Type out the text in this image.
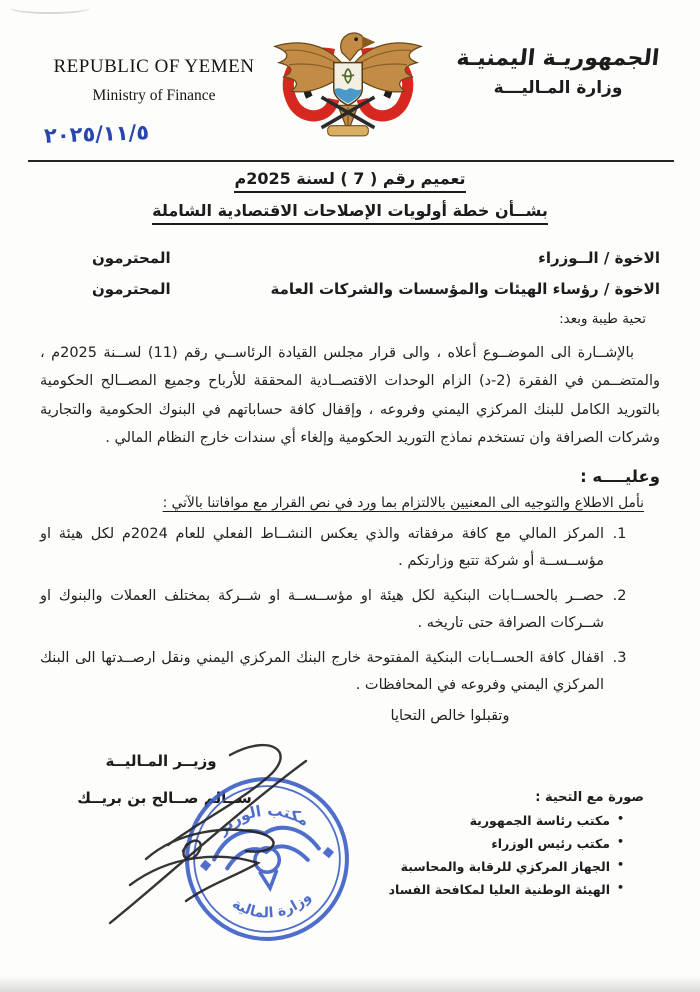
REPUBLIC OF YEMEN
Ministry of Finance
الجمهوريـة اليمنيـة
وزارة المـاليـــة
٢٠٢٥/١١/٥
تعميم رقم ( 7 ) لسنة 2025م
بشــأن خطة أولويات الإصلاحات الاقتصادية الشاملة
الاخوة / الــوزراء
المحترمون
الاخوة / رؤساء الهيئات والمؤسسات والشركات العامة
المحترمون
تحية طيبة وبعد:

بالإشــارة الى الموضــوع أعلاه ، والى قرار مجلس القيادة الرئاســي رقم (11) لســنة 2025م ، والمتضــمن في الفقرة (2-د) الزام الوحدات الاقتصــادية المحققة للأرباح وجميع المصــالح الحكومية بالتوريد الكامل للبنك المركزي اليمني وفروعه ، وإقفال كافة حساباتهم في البنوك الحكومية والتجارية وشركات الصرافة وان تستخدم نماذج التوريد الحكومية وإلغاء أي سندات خارج النظام المالي .

وعليــــه :
نأمل الاطلاع والتوجيه الى المعنيين بالالتزام بما ورد في نص القرار مع موافاتنا بالآتي :
1. المركز المالي مع كافة مرفقاته والذي يعكس النشــاط الفعلي للعام 2024م لكل هيئة او مؤســســة أو شركة تتبع وزارتكم .
2. حصــر بالحســابات البنكية لكل هيئة او مؤســســة او شــركة بمختلف العملات والبنوك او شــركات الصرافة حتى تاريخه .
3. اقفال كافة الحســابات البنكية المفتوحة خارج البنك المركزي اليمني ونقل ارصــدتها الى البنك المركزي اليمني وفروعه في المحافظات .
وتقبلوا خالص التحايا
وزيــر المـاليــة
ســالم صــالح بن بريــك
مكتب الوزير
وزارة المالية
صورة مع التحية :
• مكتب رئاسة الجمهورية
• مكتب رئيس الوزراء
• الجهاز المركزي للرقابة والمحاسبة
• الهيئة الوطنية العليا لمكافحة الفساد
